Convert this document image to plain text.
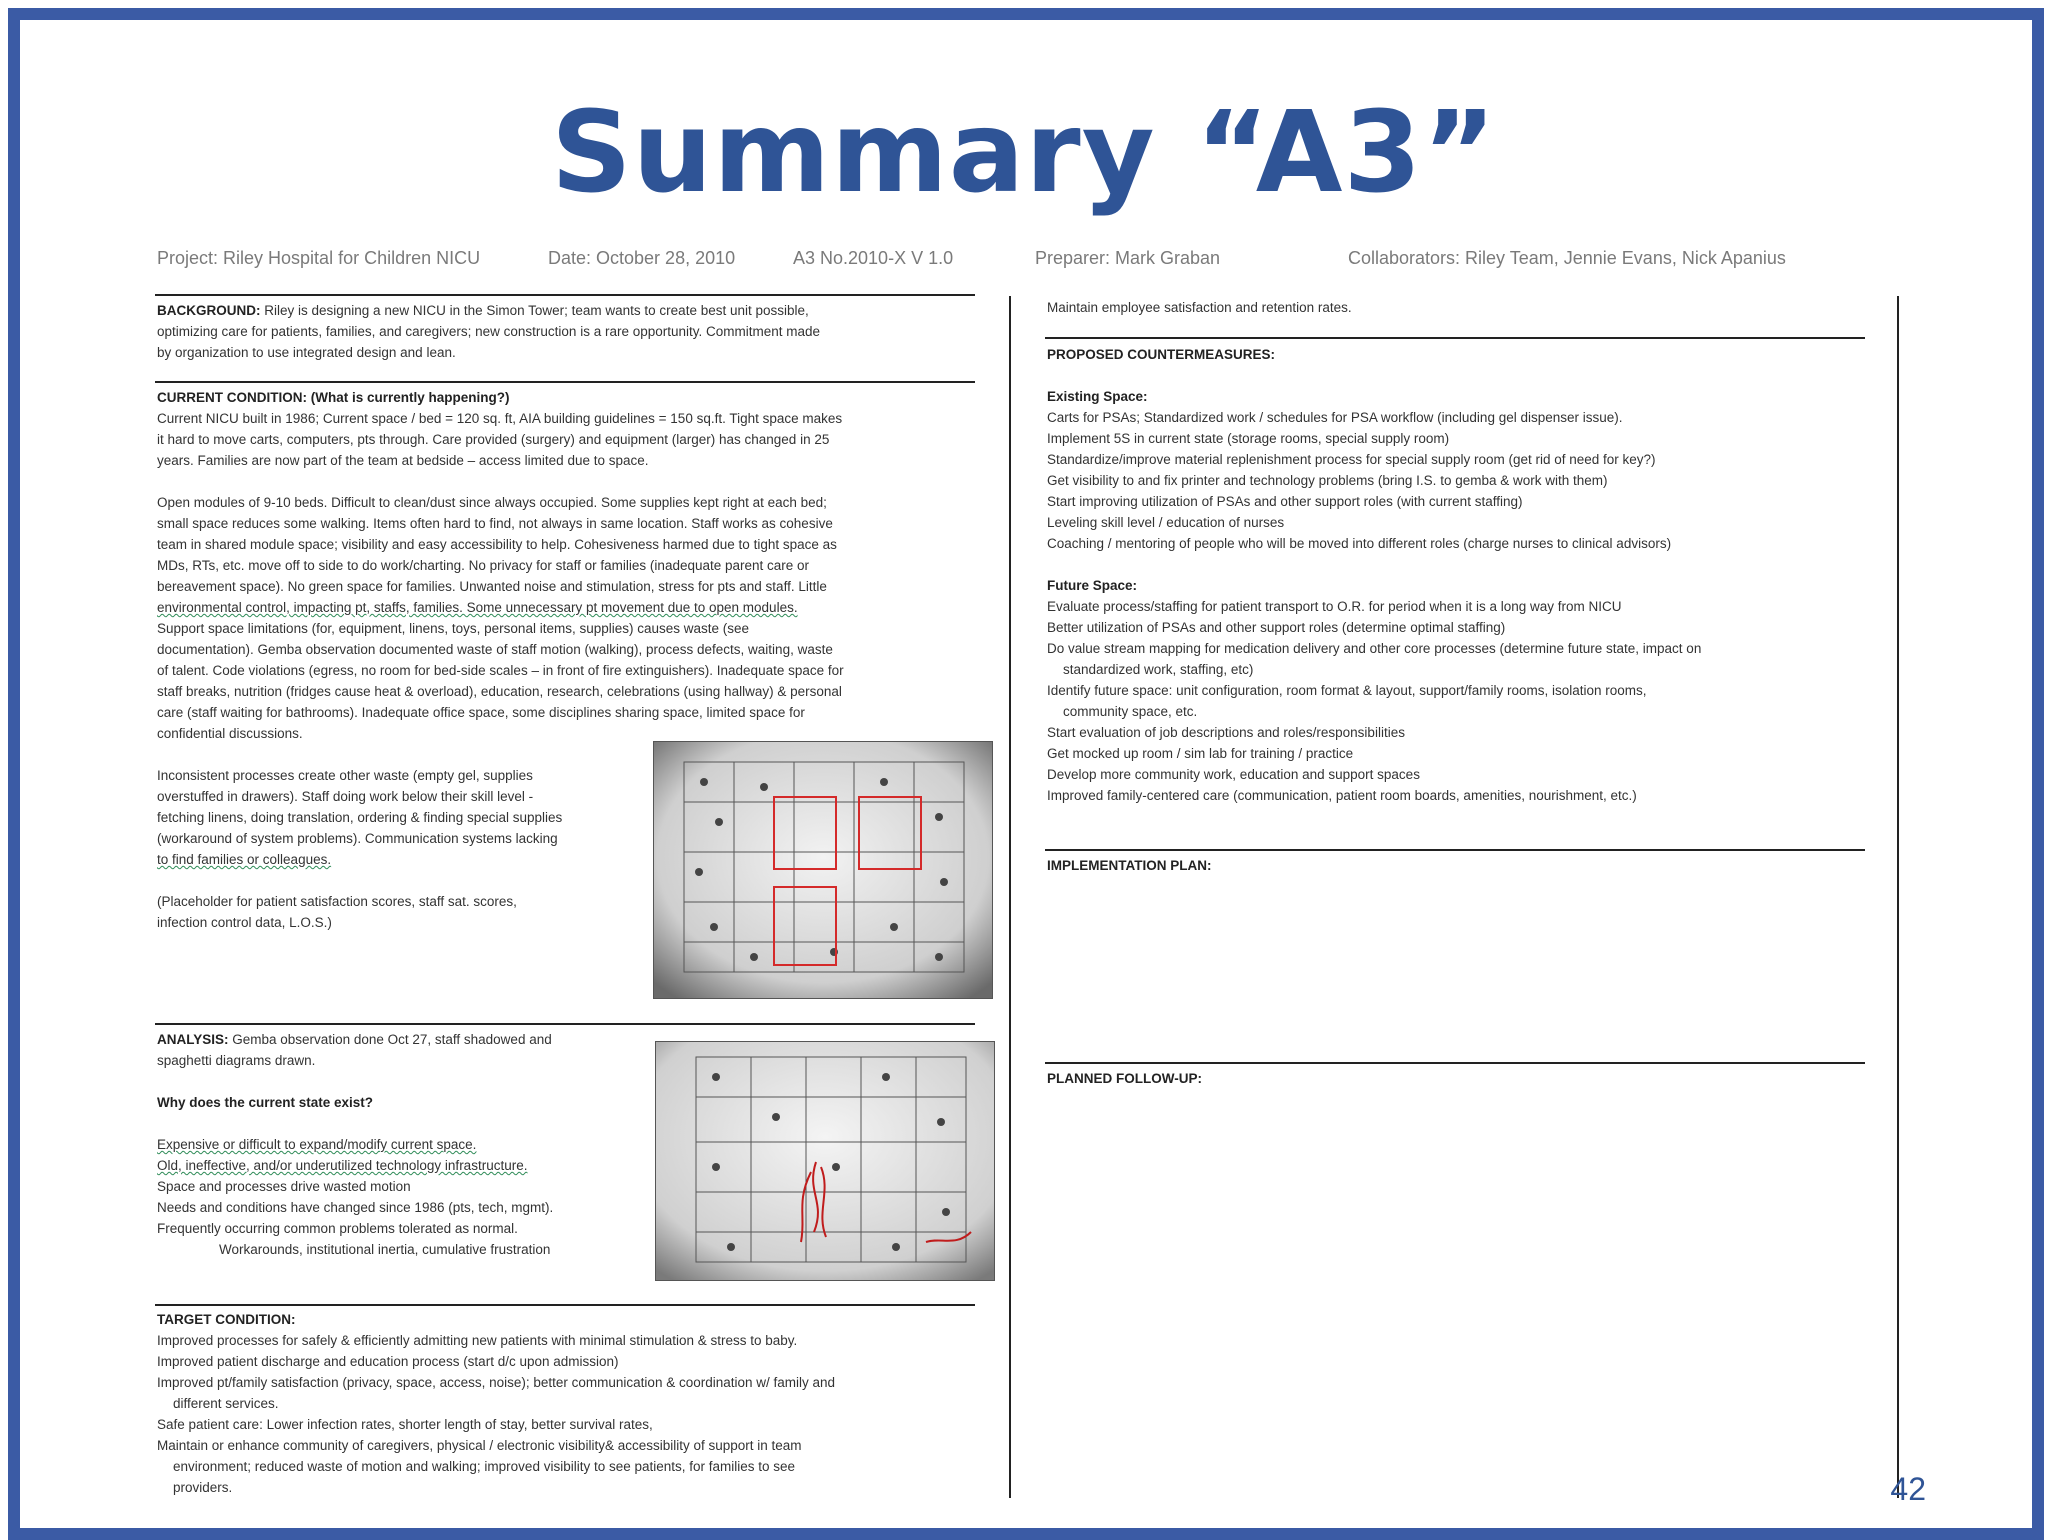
Summary “A3”
Project: Riley Hospital for Children NICU	Date: October 28, 2010	A3 No.2010-X V 1.0	Preparer: Mark Graban	Collaborators: Riley Team, Jennie Evans, Nick Apanius
BACKGROUND: Riley is designing a new NICU in the Simon Tower; team wants to create best unit possible,
optimizing care for patients, families, and caregivers; new construction is a rare opportunity. Commitment made
by organization to use integrated design and lean.
CURRENT CONDITION: (What is currently happening?)

Current NICU built in 1986; Current space / bed = 120 sq. ft, AIA building guidelines = 150 sq.ft. Tight space makes
it hard to move carts, computers, pts through. Care provided (surgery) and equipment (larger) has changed in 25
years. Families are now part of the team at bedside – access limited due to space.

Open modules of 9-10 beds. Difficult to clean/dust since always occupied. Some supplies kept right at each bed;
small space reduces some walking. Items often hard to find, not always in same location. Staff works as cohesive
team in shared module space; visibility and easy accessibility to help. Cohesiveness harmed due to tight space as
MDs, RTs, etc. move off to side to do work/charting. No privacy for staff or families (inadequate parent care or
bereavement space). No green space for families. Unwanted noise and stimulation, stress for pts and staff. Little
environmental control, impacting pt, staffs, families. Some unnecessary pt movement due to open modules.
Support space limitations (for, equipment, linens, toys, personal items, supplies) causes waste (see
documentation). Gemba observation documented waste of staff motion (walking), process defects, waiting, waste
of talent. Code violations (egress, no room for bed-side scales – in front of fire extinguishers). Inadequate space for
staff breaks, nutrition (fridges cause heat & overload), education, research, celebrations (using hallway) & personal
care (staff waiting for bathrooms). Inadequate office space, some disciplines sharing space, limited space for
confidential discussions.

Inconsistent processes create other waste (empty gel, supplies
overstuffed in drawers). Staff doing work below their skill level -
fetching linens, doing translation, ordering & finding special supplies
(workaround of system problems). Communication systems lacking
to find families or colleagues.

(Placeholder for patient satisfaction scores, staff sat. scores,
infection control data, L.O.S.)

ANALYSIS: Gemba observation done Oct 27, staff shadowed and
spaghetti diagrams drawn.

Why does the current state exist?

Expensive or difficult to expand/modify current space.
Old, ineffective, and/or underutilized technology infrastructure.
Space and processes drive wasted motion
Needs and conditions have changed since 1986 (pts, tech, mgmt).
Frequently occurring common problems tolerated as normal.
Workarounds, institutional inertia, cumulative frustration

TARGET CONDITION:
Improved processes for safely & efficiently admitting new patients with minimal stimulation & stress to baby.
Improved patient discharge and education process (start d/c upon admission)
Improved pt/family satisfaction (privacy, space, access, noise); better communication & coordination w/ family and
different services.
Safe patient care: Lower infection rates, shorter length of stay, better survival rates,
Maintain or enhance community of caregivers, physical / electronic visibility& accessibility of support in team
environment; reduced waste of motion and walking; improved visibility to see patients, for families to see
providers.
Maintain employee satisfaction and retention rates.

PROPOSED COUNTERMEASURES:

Existing Space:
Carts for PSAs; Standardized work / schedules for PSA workflow (including gel dispenser issue).
Implement 5S in current state (storage rooms, special supply room)
Standardize/improve material replenishment process for special supply room (get rid of need for key?)
Get visibility to and fix printer and technology problems (bring I.S. to gemba & work with them)
Start improving utilization of PSAs and other support roles (with current staffing)
Leveling skill level / education of nurses
Coaching / mentoring of people who will be moved into different roles (charge nurses to clinical advisors)

Future Space:
Evaluate process/staffing for patient transport to O.R. for period when it is a long way from NICU
Better utilization of PSAs and other support roles (determine optimal staffing)
Do value stream mapping for medication delivery and other core processes (determine future state, impact on
standardized work, staffing, etc)
Identify future space: unit configuration, room format & layout, support/family rooms, isolation rooms,
community space, etc.
Start evaluation of job descriptions and roles/responsibilities
Get mocked up room / sim lab for training / practice
Develop more community work, education and support spaces
Improved family-centered care (communication, patient room boards, amenities, nourishment, etc.)

IMPLEMENTATION PLAN:
PLANNED FOLLOW-UP:
42
